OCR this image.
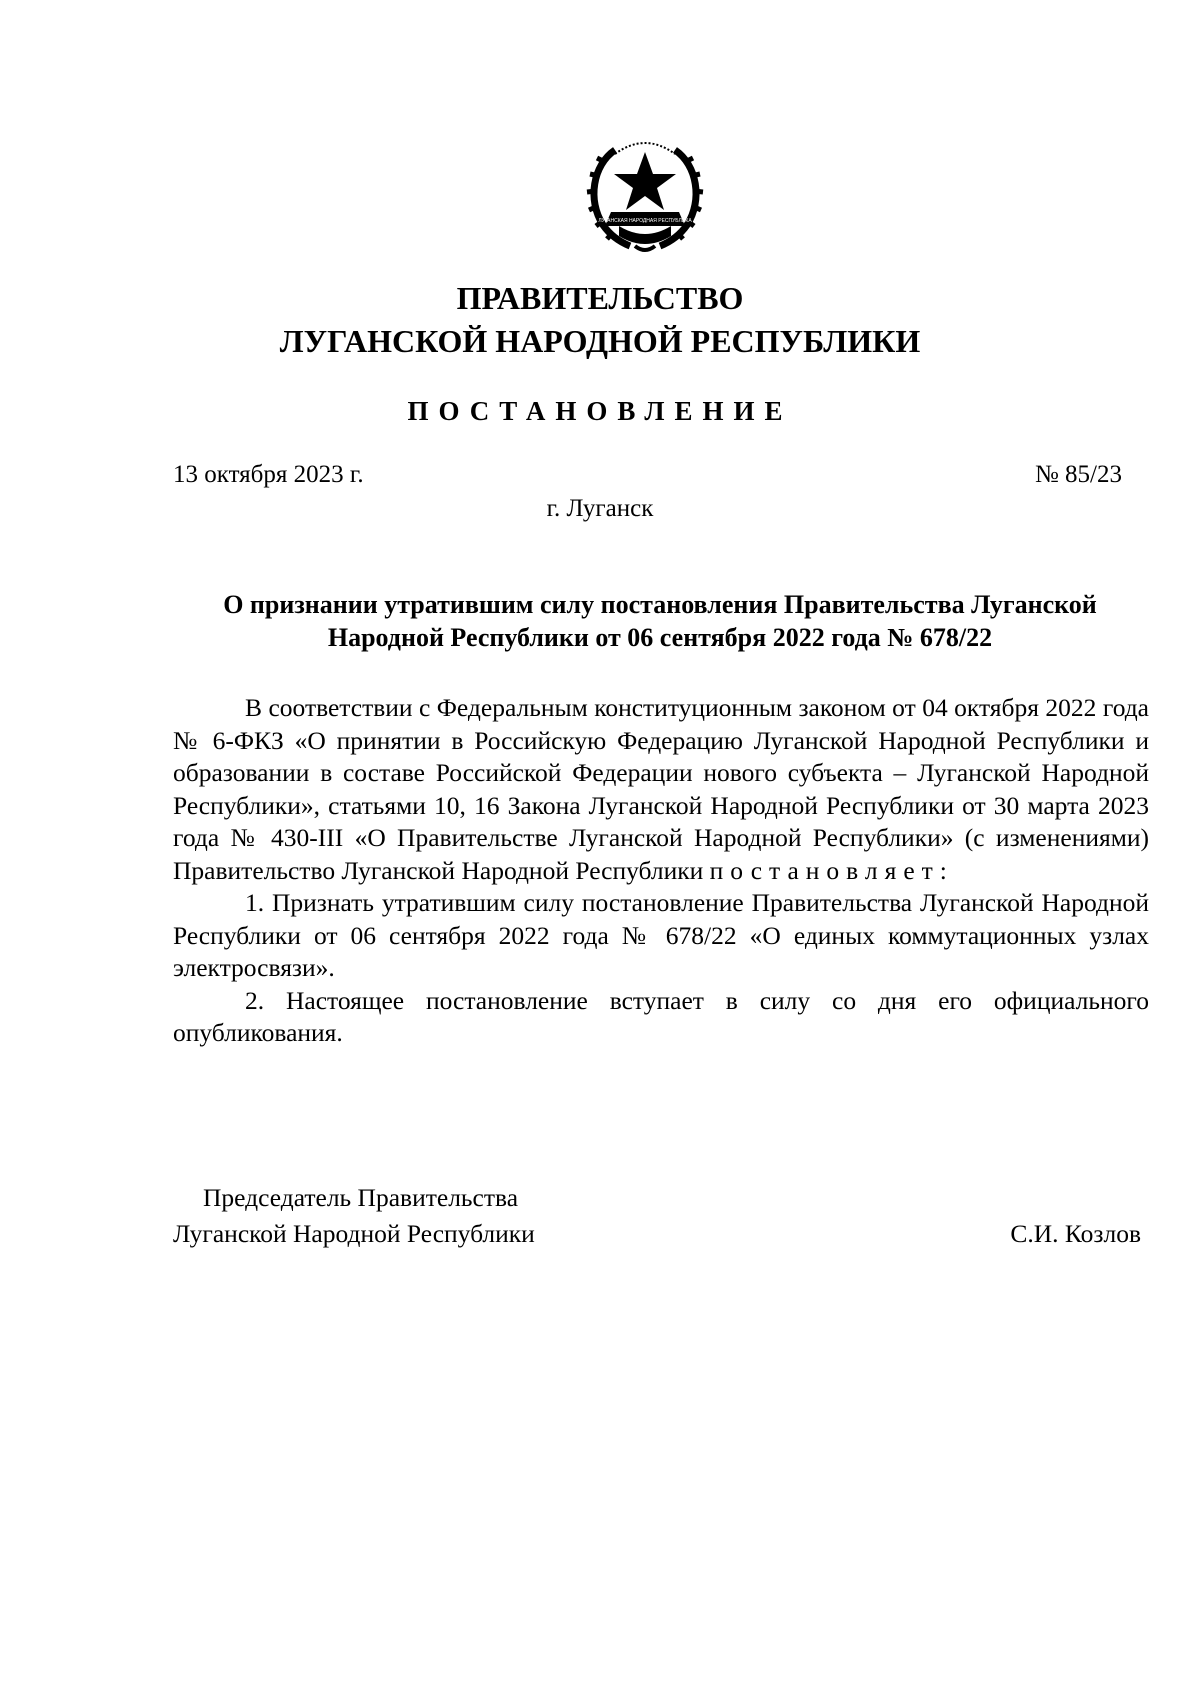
ЛУГАНСКАЯ НАРОДНАЯ РЕСПУБЛИКА
ПРАВИТЕЛЬСТВО
ЛУГАНСКОЙ НАРОДНОЙ РЕСПУБЛИКИ
ПОСТАНОВЛЕНИЕ

13 октября 2023 г.	№ 85/23

г. Луганск

О признании утратившим силу постановления Правительства Луганской Народной Республики от 06 сентября 2022 года № 678/22

В соответствии с Федеральным конституционным законом от 04 октября 2022 года № 6-ФКЗ «О принятии в Российскую Федерацию Луганской Народной Республики и образовании в составе Российской Федерации нового субъекта – Луганской Народной Республики», статьями 10, 16 Закона Луганской Народной Республики от 30 марта 2023 года № 430-III «О Правительстве Луганской Народной Республики» (с изменениями) Правительство Луганской Народной Республики постановляет:

1. Признать утратившим силу постановление Правительства Луганской Народной Республики от 06 сентября 2022 года № 678/22 «О единых коммутационных узлах электросвязи».

2. Настоящее постановление вступает в силу со дня его официального опубликования.

Председатель Правительства
Луганской Народной Республики	С.И. Козлов
